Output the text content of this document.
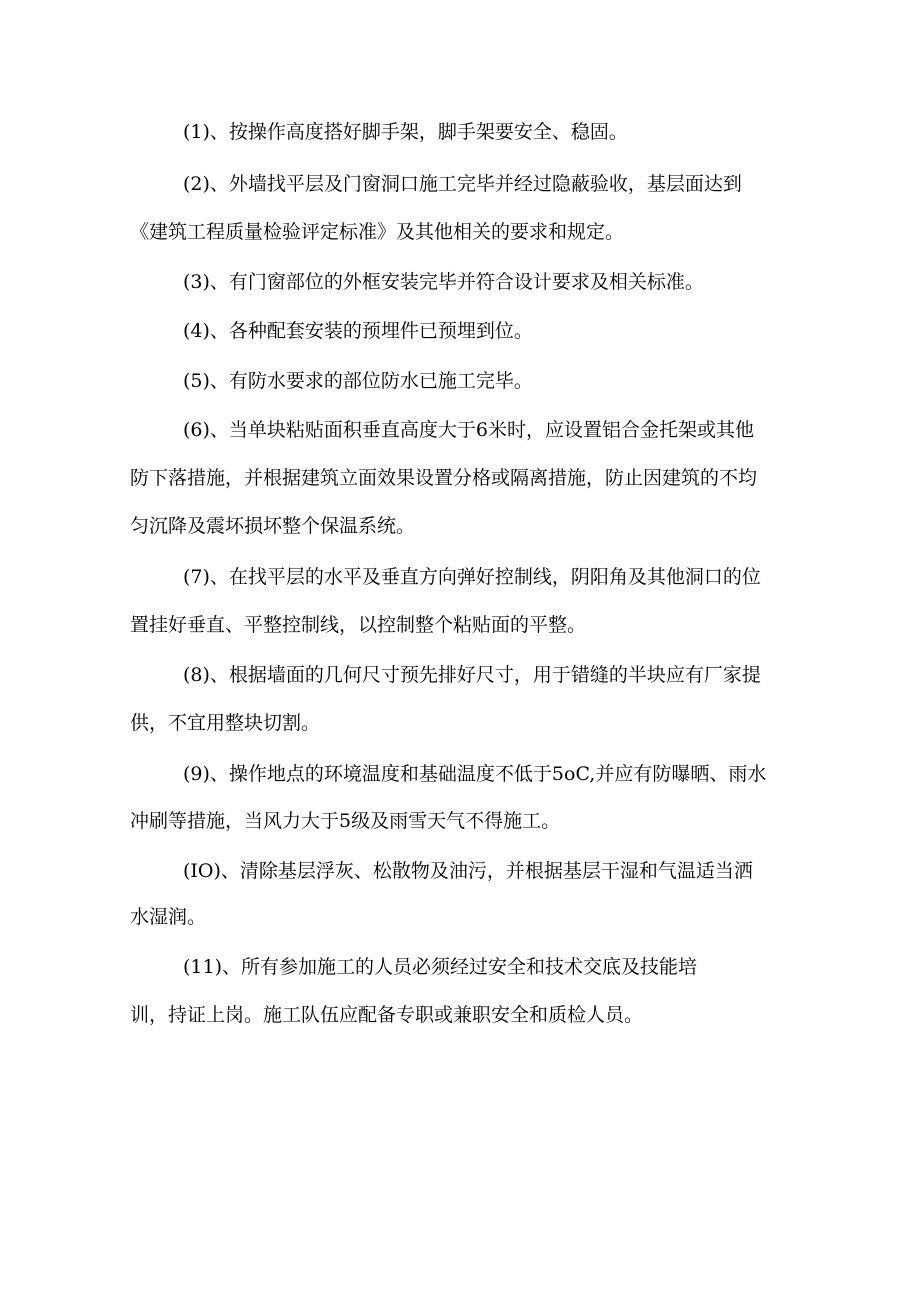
(1)、按操作高度搭好脚手架，脚手架要安全、稳固。

(2)、外墙找平层及门窗洞口施工完毕并经过隐蔽验收，基层面达到

《建筑工程质量检验评定标准》及其他相关的要求和规定。

(3)、有门窗部位的外框安装完毕并符合设计要求及相关标准。

(4)、各种配套安装的预埋件已预埋到位。

(5)、有防水要求的部位防水已施工完毕。

(6)、当单块粘贴面积垂直高度大于6米时，应设置铝合金托架或其他

防下落措施，并根据建筑立面效果设置分格或隔离措施，防止因建筑的不均

匀沉降及震坏损坏整个保温系统。

(7)、在找平层的水平及垂直方向弹好控制线，阴阳角及其他洞口的位

置挂好垂直、平整控制线，以控制整个粘贴面的平整。

(8)、根据墙面的几何尺寸预先排好尺寸，用于错缝的半块应有厂家提

供，不宜用整块切割。

(9)、操作地点的环境温度和基础温度不低于5oC,并应有防曝晒、雨水

冲刷等措施，当风力大于5级及雨雪天气不得施工。

(IO)、清除基层浮灰、松散物及油污，并根据基层干湿和气温适当洒

水湿润。

(11)、所有参加施工的人员必须经过安全和技术交底及技能培

训，持证上岗。施工队伍应配备专职或兼职安全和质检人员。
